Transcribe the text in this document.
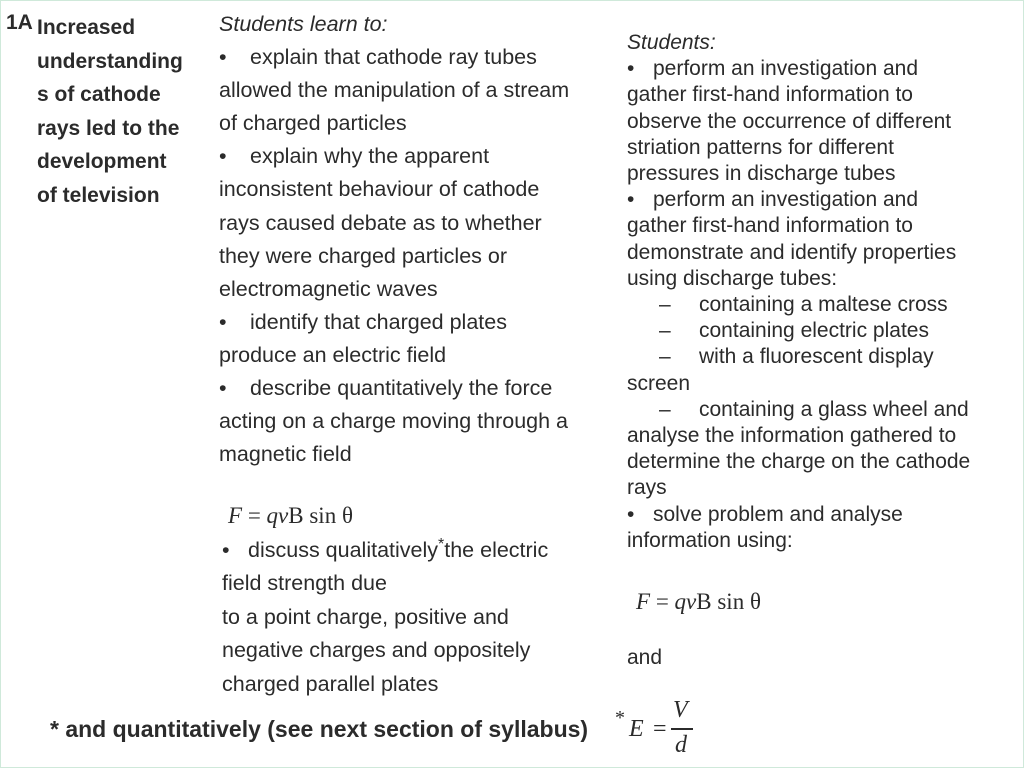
1A Increased
understanding
s of cathode
rays led to the
development
of television
Students learn to:
• explain that cathode ray tubes
allowed the manipulation of a stream
of charged particles
• explain why the apparent
inconsistent behaviour of cathode
rays caused debate as to whether
they were charged particles or
electromagnetic waves
• identify that charged plates
produce an electric field
• describe quantitatively the force
acting on a charge moving through a
magnetic field
F = qvB sin θ
• discuss qualitatively*the electric
field strength due
to a point charge, positive and
negative charges and oppositely
charged parallel plates
Students:
• perform an investigation and
gather first-hand information to
observe the occurrence of different
striation patterns for different
pressures in discharge tubes
• perform an investigation and
gather first-hand information to
demonstrate and identify properties
using discharge tubes:
– containing a maltese cross
– containing electric plates
– with a fluorescent display
screen
– containing a glass wheel and
analyse the information gathered to
determine the charge on the cathode
rays
• solve problem and analyse
information using:
F = qvB sin θ
and
* E =
V
d
* and quantitatively (see next section of syllabus)
